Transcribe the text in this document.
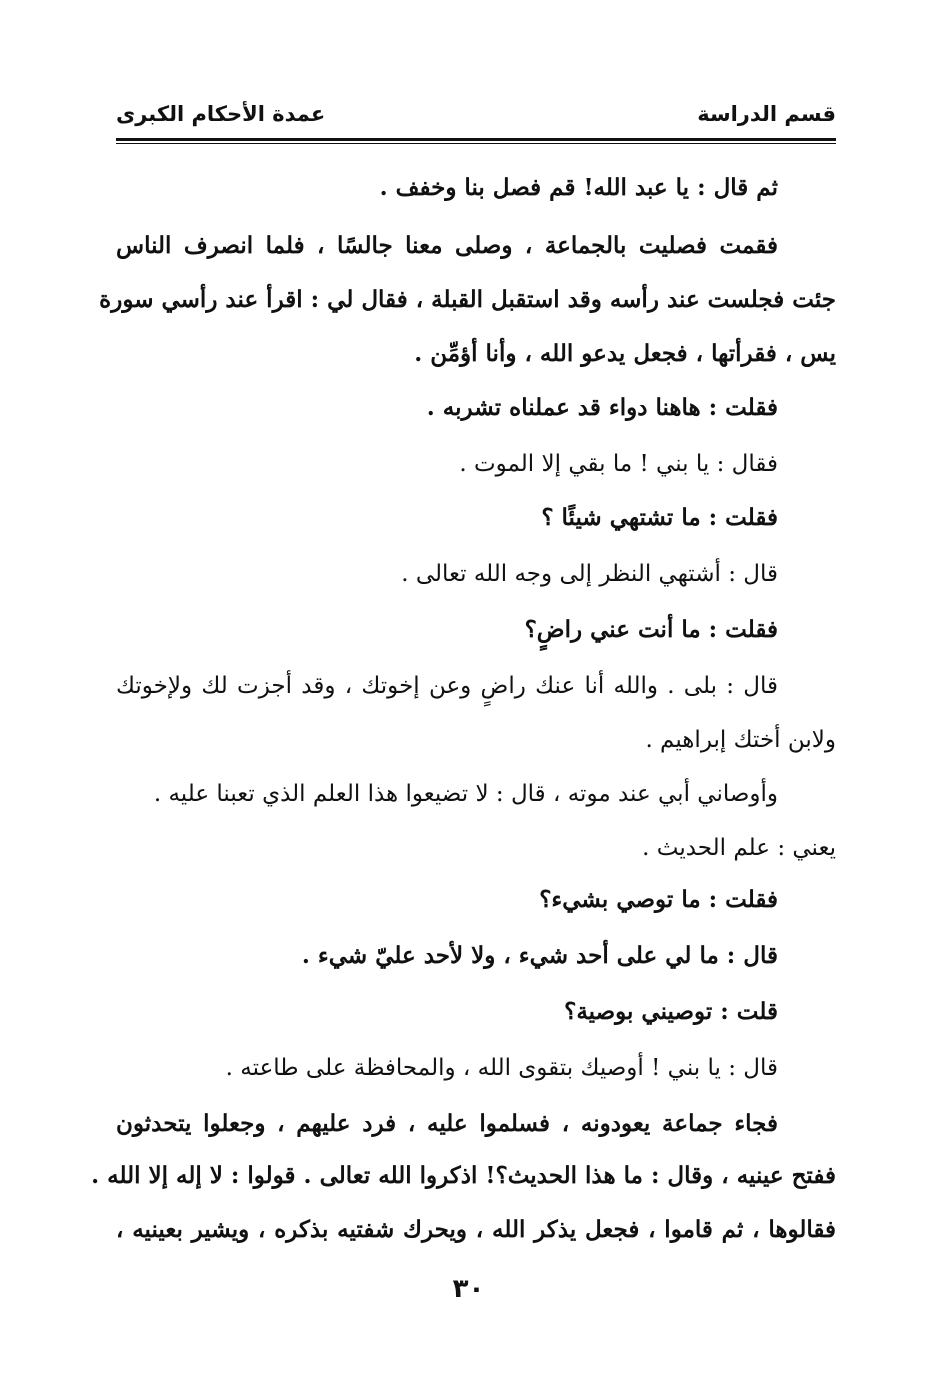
قسم الدراسة
عمدة الأحكام الكبرى
ثم قال : يا عبد الله! قم فصل بنا وخفف .
فقمت فصليت بالجماعة ، وصلى معنا جالسًا ، فلما انصرف الناس
جئت فجلست عند رأسه وقد استقبل القبلة ، فقال لي : اقرأ عند رأسي سورة
يس ، فقرأتها ، فجعل يدعو الله ، وأنا أؤمِّن .
فقلت : هاهنا دواء قد عملناه تشربه .
فقال : يا بني ! ما بقي إلا الموت .
فقلت : ما تشتهي شيئًا ؟
قال : أشتهي النظر إلى وجه الله تعالى .
فقلت : ما أنت عني راضٍ؟
قال : بلى . والله أنا عنك راضٍ وعن إخوتك ، وقد أجزت لك ولإخوتك
ولابن أختك إبراهيم .
وأوصاني أبي عند موته ، قال : لا تضيعوا هذا العلم الذي تعبنا عليه .
يعني : علم الحديث .
فقلت : ما توصي بشيء؟
قال : ما لي على أحد شيء ، ولا لأحد عليّ شيء .
قلت : توصيني بوصية؟
قال : يا بني ! أوصيك بتقوى الله ، والمحافظة على طاعته .
فجاء جماعة يعودونه ، فسلموا عليه ، فرد عليهم ، وجعلوا يتحدثون
ففتح عينيه ، وقال : ما هذا الحديث؟! اذكروا الله تعالى . قولوا : لا إله إلا الله .
فقالوها ، ثم قاموا ، فجعل يذكر الله ، ويحرك شفتيه بذكره ، ويشير بعينيه ،
٣٠
